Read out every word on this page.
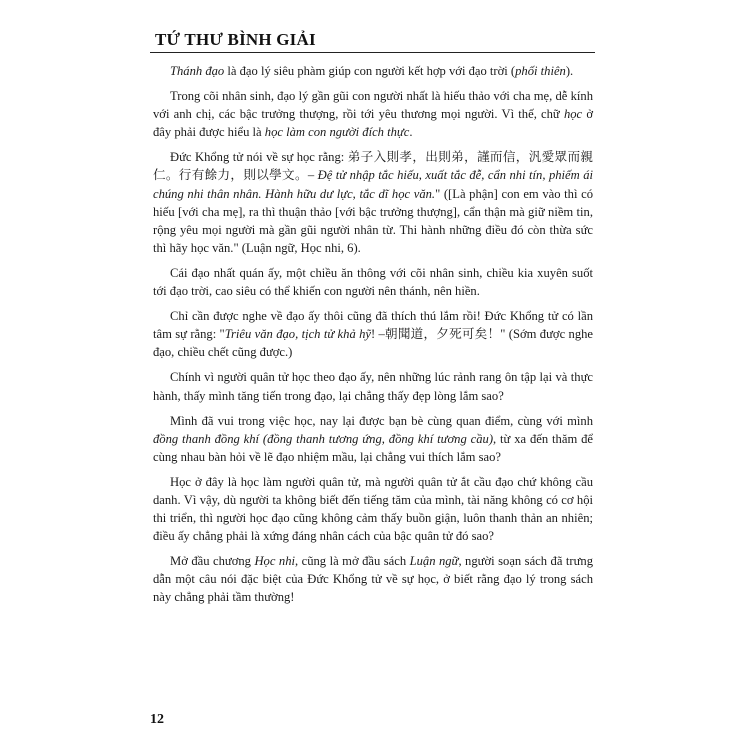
TỨ THƯ BÌNH GIẢI

Thánh đạo là đạo lý siêu phàm giúp con người kết hợp với đạo trời (phối thiên).

Trong cõi nhân sinh, đạo lý gần gũi con người nhất là hiếu thảo với cha mẹ, dễ kính với anh chị, các bậc trưởng thượng, rồi tới yêu thương mọi người. Vì thế, chữ học ở đây phải được hiểu là học làm con người đích thực.

Đức Khổng tử nói về sự học rằng: 弟子入則孝，出則弟，謹而信，汎愛眾而親仁。行有餘力，則以學文。– Đệ tử nhập tắc hiếu, xuất tắc đễ, cẩn nhi tín, phiếm ái chúng nhi thân nhân. Hành hữu dư lực, tắc dĩ học văn." ([Là phận] con em vào thì có hiếu [với cha mẹ], ra thì thuận thảo [với bậc trưởng thượng], cẩn thận mà giữ niềm tin, rộng yêu mọi người mà gần gũi người nhân từ. Thi hành những điều đó còn thừa sức thì hãy học văn." (Luận ngữ, Học nhi, 6).

Cái đạo nhất quán ấy, một chiều ăn thông với cõi nhân sinh, chiều kia xuyên suốt tới đạo trời, cao siêu có thể khiến con người nên thánh, nên hiền.

Chỉ cần được nghe về đạo ấy thôi cũng đã thích thú lắm rồi! Đức Khổng tử có lần tâm sự rằng: "Triêu văn đạo, tịch tử khả hỹ! –朝聞道，夕死可矣！" (Sớm được nghe đạo, chiều chết cũng được.)

Chính vì người quân tử học theo đạo ấy, nên những lúc rảnh rang ôn tập lại và thực hành, thấy mình tăng tiến trong đạo, lại chẳng thấy đẹp lòng lắm sao?

Mình đã vui trong việc học, nay lại được bạn bè cùng quan điểm, cùng với mình đồng thanh đồng khí (đồng thanh tương ứng, đồng khí tương cầu), từ xa đến thăm để cùng nhau bàn hỏi về lẽ đạo nhiệm mầu, lại chẳng vui thích lắm sao?

Học ở đây là học làm người quân tử, mà người quân tử ắt cầu đạo chứ không cầu danh. Vì vậy, dù người ta không biết đến tiếng tăm của mình, tài năng không có cơ hội thi triển, thì người học đạo cũng không cảm thấy buồn giận, luôn thanh thản an nhiên; điều ấy chẳng phải là xứng đáng nhân cách của bậc quân tử đó sao?

Mở đầu chương Học nhi, cũng là mở đầu sách Luận ngữ, người soạn sách đã trưng dẫn một câu nói đặc biệt của Đức Khổng tử về sự học, ở biết rằng đạo lý trong sách này chẳng phải tầm thường!

12
